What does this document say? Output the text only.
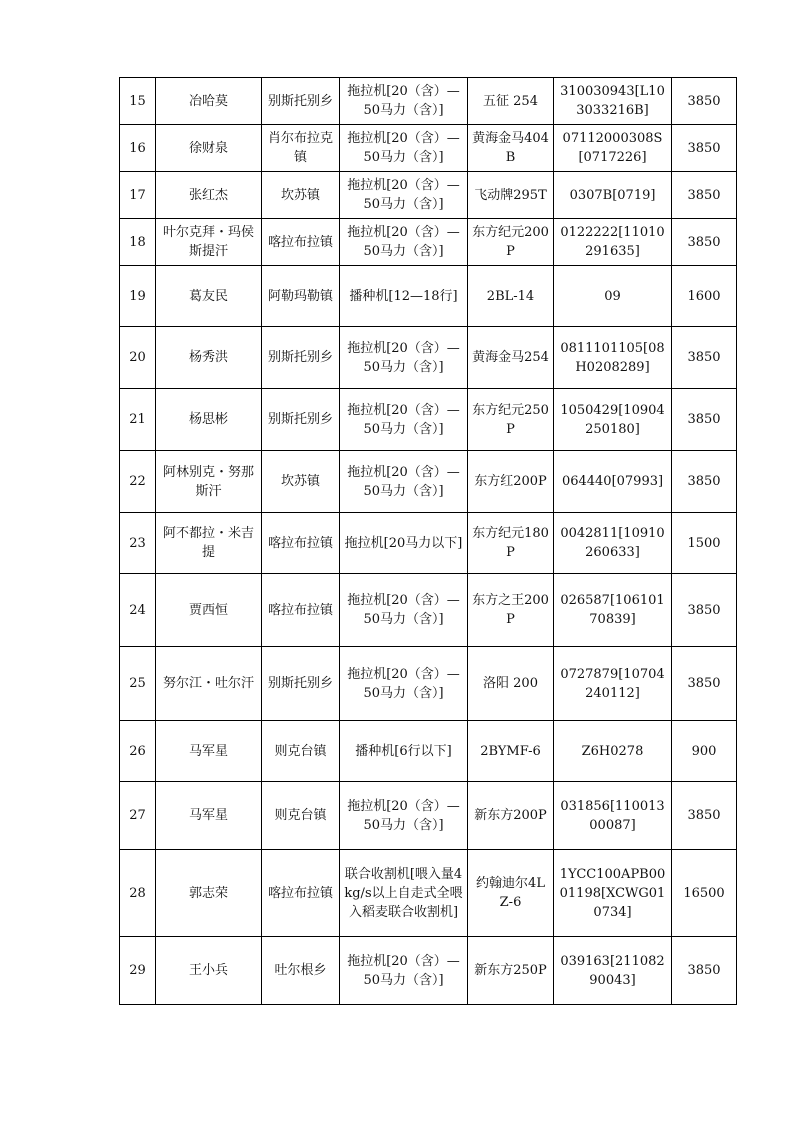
15	冶哈莫	别斯托别乡	拖拉机[20（含）—50马力（含）]	五征 254	310030943[L103033216B]	3850
16	徐财泉	肖尔布拉克镇	拖拉机[20（含）—50马力（含）]	黄海金马404B	07112000308S[0717226]	3850
17	张红杰	坎苏镇	拖拉机[20（含）—50马力（含）]	飞动牌295T	0307B[0719]	3850
18	叶尔克拜・玛侯斯提汗	喀拉布拉镇	拖拉机[20（含）—50马力（含）]	东方纪元200P	0122222[11010291635]	3850
19	葛友民	阿勒玛勒镇	播种机[12—18行]	2BL-14	09	1600
20	杨秀洪	别斯托别乡	拖拉机[20（含）—50马力（含）]	黄海金马254	0811101105[08H0208289]	3850
21	杨思彬	别斯托别乡	拖拉机[20（含）—50马力（含）]	东方纪元250P	1050429[10904250180]	3850
22	阿林别克・努那斯汗	坎苏镇	拖拉机[20（含）—50马力（含）]	东方红200P	064440[07993]	3850
23	阿不都拉・米吉提	喀拉布拉镇	拖拉机[20马力以下]	东方纪元180P	0042811[10910260633]	1500
24	贾西恒	喀拉布拉镇	拖拉机[20（含）—50马力（含）]	东方之王200P	026587[10610170839]	3850
25	努尔江・吐尔汗	别斯托别乡	拖拉机[20（含）—50马力（含）]	洛阳 200	0727879[10704240112]	3850
26	马军星	则克台镇	播种机[6行以下]	2BYMF-6	Z6H0278	900
27	马军星	则克台镇	拖拉机[20（含）—50马力（含）]	新东方200P	031856[11001300087]	3850
28	郭志荣	喀拉布拉镇	联合收割机[喂入量4kg/s以上自走式全喂入稻麦联合收割机]	约翰迪尔4LZ-6	1YCC100APB0001198[XCWG010734]	16500
29	王小兵	吐尔根乡	拖拉机[20（含）—50马力（含）]	新东方250P	039163[21108290043]	3850
